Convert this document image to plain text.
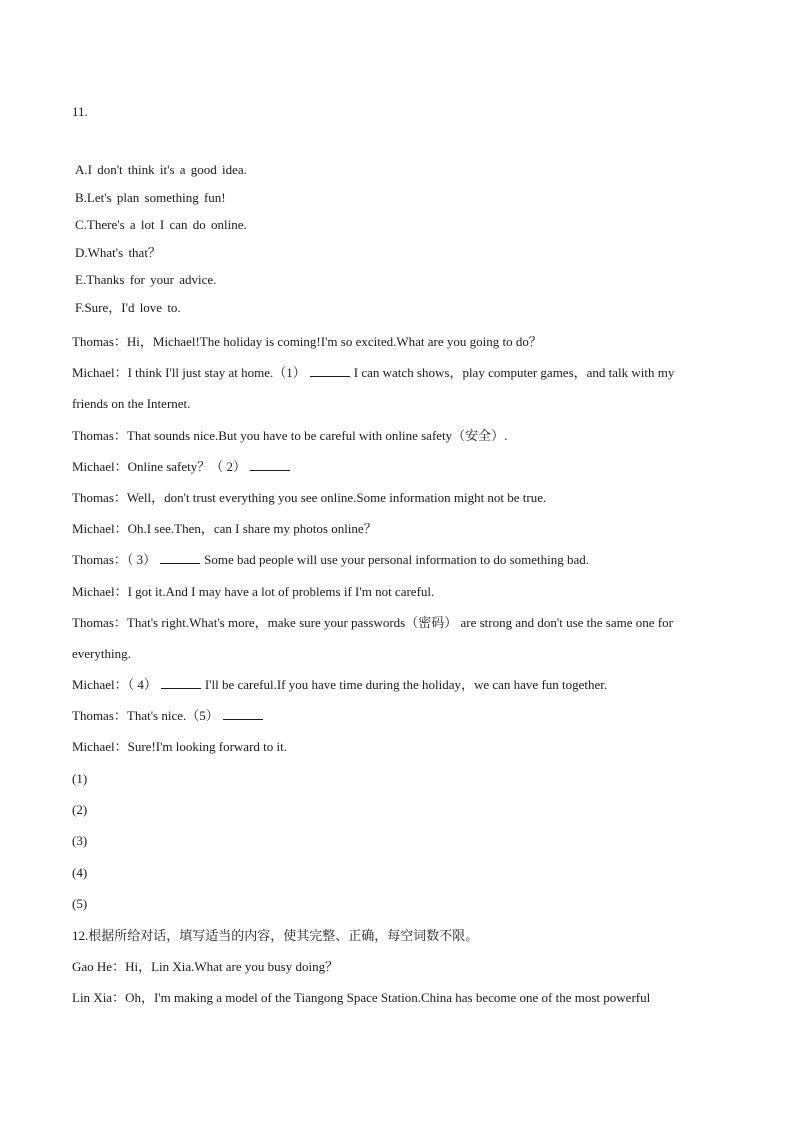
11.
A.I don't think it's a good idea.
B.Let's plan something fun!
C.There's a lot I can do online.
D.What's that？
E.Thanks for your advice.
F.Sure，I'd love to.
Thomas：Hi，Michael!The holiday is coming!I'm so excited.What are you going to do？
Michael：I think I'll just stay at home.（1）	I can watch shows，play computer games，and talk with my
friends on the Internet.
Thomas：That sounds nice.But you have to be careful with online safety（安全）.
Michael：Online safety？（ 2）
Thomas：Well，don't trust everything you see online.Some information might not be true.
Michael：Oh.I see.Then，can I share my photos online？
Thomas：（ 3）	Some bad people will use your personal information to do something bad.
Michael：I got it.And I may have a lot of problems if I'm not careful.
Thomas：That's right.What's more，make sure your passwords（密码） are strong and don't use the same one for
everything.
Michael：（ 4）	I'll be careful.If you have time during the holiday，we can have fun together.
Thomas：That's nice.（5）
Michael：Sure!I'm looking forward to it.
(1)
(2)
(3)
(4)
(5)
12.根据所给对话，填写适当的内容，使其完整、正确，每空词数不限。
Gao He：Hi，Lin Xia.What are you busy doing？
Lin Xia：Oh，I'm making a model of the Tiangong Space Station.China has become one of the most powerful
